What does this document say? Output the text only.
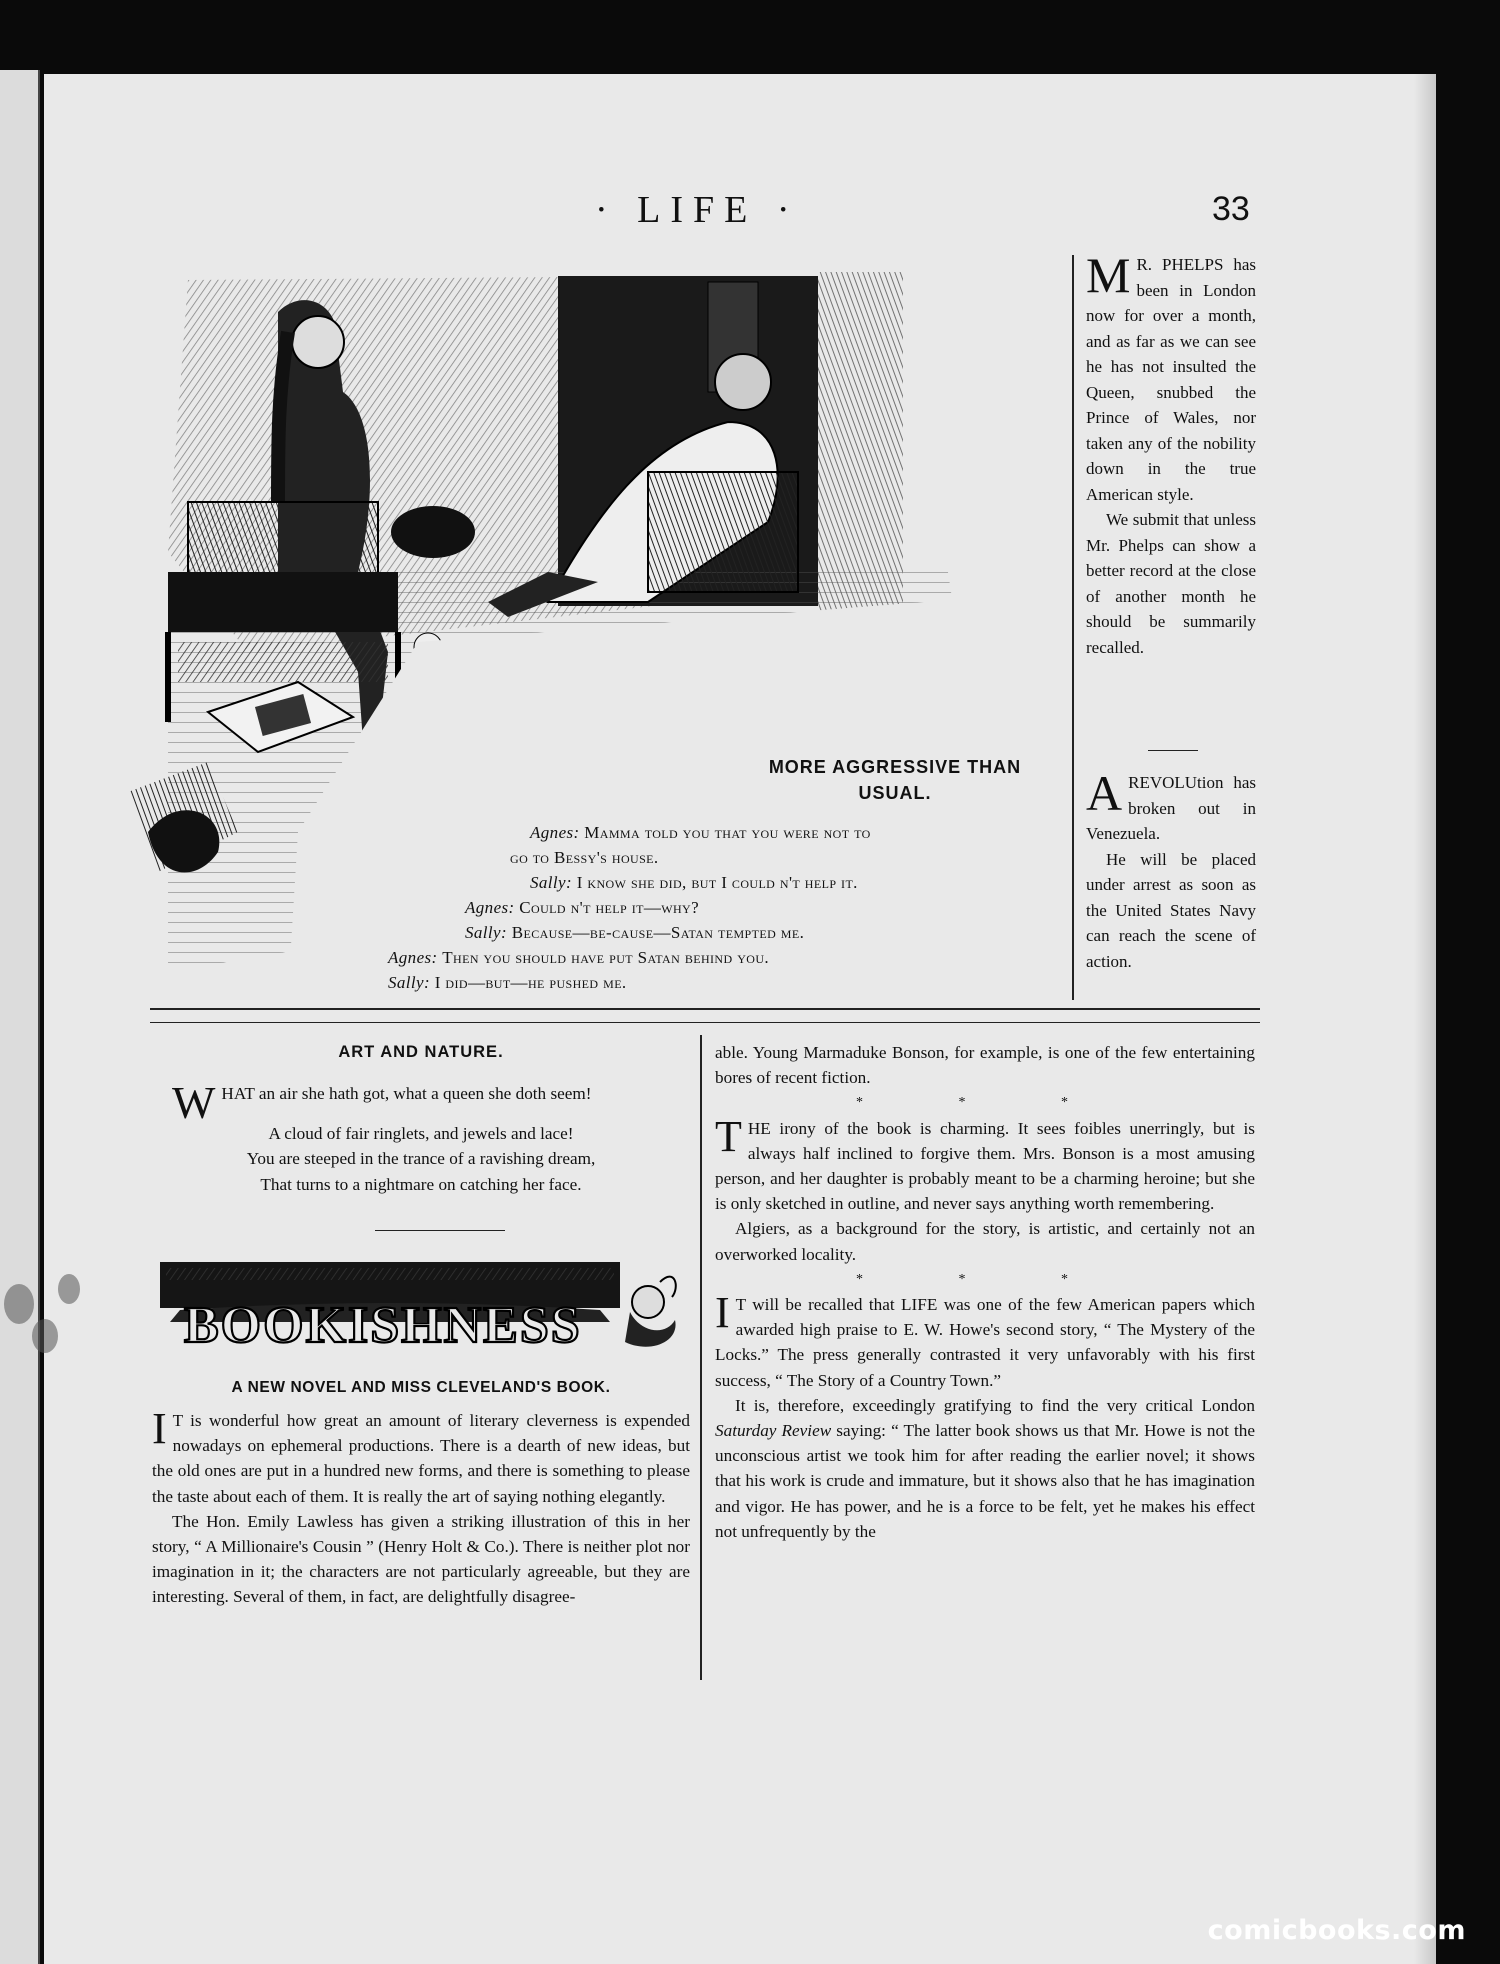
· LIFE ·	33
MORE AGGRESSIVE THAN USUAL.
Agnes: Mamma told you that you were not to
go to Bessy's house.
Sally: I know she did, but I could n't help it.
Agnes: Could n't help it—why?
Sally: Because—be-cause—Satan tempted me.
Agnes: Then you should have put Satan behind you.
Sally: I did—but—he pushed me.

M R. PHELPS has been in London now for over a month, and as far as we can see he has not insulted the Queen, snubbed the Prince of Wales, nor taken any of the nobility down in the true American style.

We submit that unless Mr. Phelps can show a better record at the close of another month he should be summarily recalled.

A REVOLUtion has broken out in Venezuela.

He will be placed under arrest as soon as the United States Navy can reach the scene of action.

ART AND NATURE.

WHAT an air she hath got, what a queen she doth seem!

A cloud of fair ringlets, and jewels and lace!

You are steeped in the trance of a ravishing dream,

That turns to a nightmare on catching her face.

A NEW NOVEL AND MISS CLEVELAND'S BOOK.

I T is wonderful how great an amount of literary cleverness is expended nowadays on ephemeral productions. There is a dearth of new ideas, but the old ones are put in a hundred new forms, and there is something to please the taste about each of them. It is really the art of saying nothing elegantly.

The Hon. Emily Lawless has given a striking illustration of this in her story, “ A Millionaire's Cousin ” (Henry Holt & Co.). There is neither plot nor imagination in it; the characters are not particularly agreeable, but they are interesting. Several of them, in fact, are delightfully disagree-

BOOKISHNESS

able. Young Marmaduke Bonson, for example, is one of the few entertaining bores of recent fiction.

* * *

THE irony of the book is charming. It sees foibles unerringly, but is always half inclined to forgive them. Mrs. Bonson is a most amusing person, and her daughter is probably meant to be a charming heroine; but she is only sketched in outline, and never says anything worth remembering.

Algiers, as a background for the story, is artistic, and certainly not an overworked locality.

* * *

I T will be recalled that LIFE was one of the few American papers which awarded high praise to E. W. Howe's second story, “ The Mystery of the Locks.” The press generally contrasted it very unfavorably with his first success, “ The Story of a Country Town.”

It is, therefore, exceedingly gratifying to find the very critical London Saturday Review saying: “ The latter book shows us that Mr. Howe is not the unconscious artist we took him for after reading the earlier novel; it shows that his work is crude and immature, but it shows also that he has imagination and vigor. He has power, and he is a force to be felt, yet he makes his effect not unfrequently by the

comicbooks.com
